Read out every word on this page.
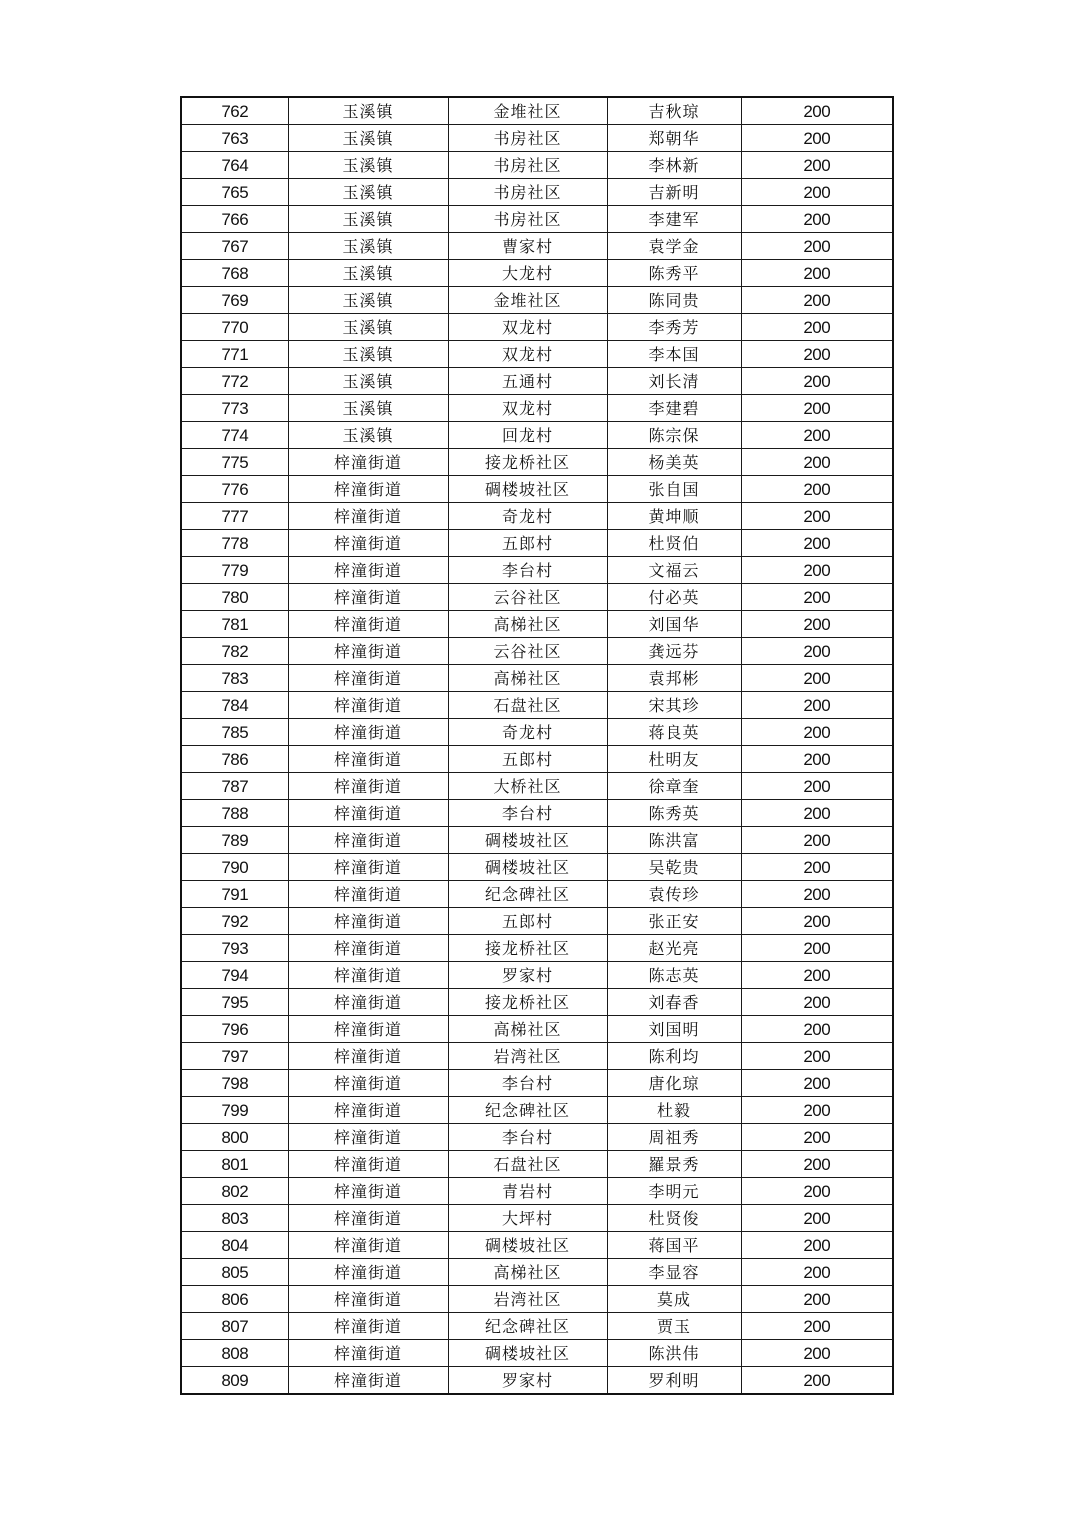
762	玉溪镇	金堆社区	吉秋琼	200
763	玉溪镇	书房社区	郑朝华	200
764	玉溪镇	书房社区	李林新	200
765	玉溪镇	书房社区	吉新明	200
766	玉溪镇	书房社区	李建军	200
767	玉溪镇	曹家村	袁学金	200
768	玉溪镇	大龙村	陈秀平	200
769	玉溪镇	金堆社区	陈同贵	200
770	玉溪镇	双龙村	李秀芳	200
771	玉溪镇	双龙村	李本国	200
772	玉溪镇	五通村	刘长清	200
773	玉溪镇	双龙村	李建碧	200
774	玉溪镇	回龙村	陈宗保	200
775	梓潼街道	接龙桥社区	杨美英	200
776	梓潼街道	碉楼坡社区	张自国	200
777	梓潼街道	奇龙村	黄坤顺	200
778	梓潼街道	五郎村	杜贤伯	200
779	梓潼街道	李台村	文福云	200
780	梓潼街道	云谷社区	付必英	200
781	梓潼街道	高梯社区	刘国华	200
782	梓潼街道	云谷社区	龚远芬	200
783	梓潼街道	高梯社区	袁邦彬	200
784	梓潼街道	石盘社区	宋其珍	200
785	梓潼街道	奇龙村	蒋良英	200
786	梓潼街道	五郎村	杜明友	200
787	梓潼街道	大桥社区	徐章奎	200
788	梓潼街道	李台村	陈秀英	200
789	梓潼街道	碉楼坡社区	陈洪富	200
790	梓潼街道	碉楼坡社区	吴乾贵	200
791	梓潼街道	纪念碑社区	袁传珍	200
792	梓潼街道	五郎村	张正安	200
793	梓潼街道	接龙桥社区	赵光亮	200
794	梓潼街道	罗家村	陈志英	200
795	梓潼街道	接龙桥社区	刘春香	200
796	梓潼街道	高梯社区	刘国明	200
797	梓潼街道	岩湾社区	陈利均	200
798	梓潼街道	李台村	唐化琼	200
799	梓潼街道	纪念碑社区	杜毅	200
800	梓潼街道	李台村	周祖秀	200
801	梓潼街道	石盘社区	羅景秀	200
802	梓潼街道	青岩村	李明元	200
803	梓潼街道	大坪村	杜贤俊	200
804	梓潼街道	碉楼坡社区	蒋国平	200
805	梓潼街道	高梯社区	李显容	200
806	梓潼街道	岩湾社区	莫成	200
807	梓潼街道	纪念碑社区	贾玉	200
808	梓潼街道	碉楼坡社区	陈洪伟	200
809	梓潼街道	罗家村	罗利明	200
